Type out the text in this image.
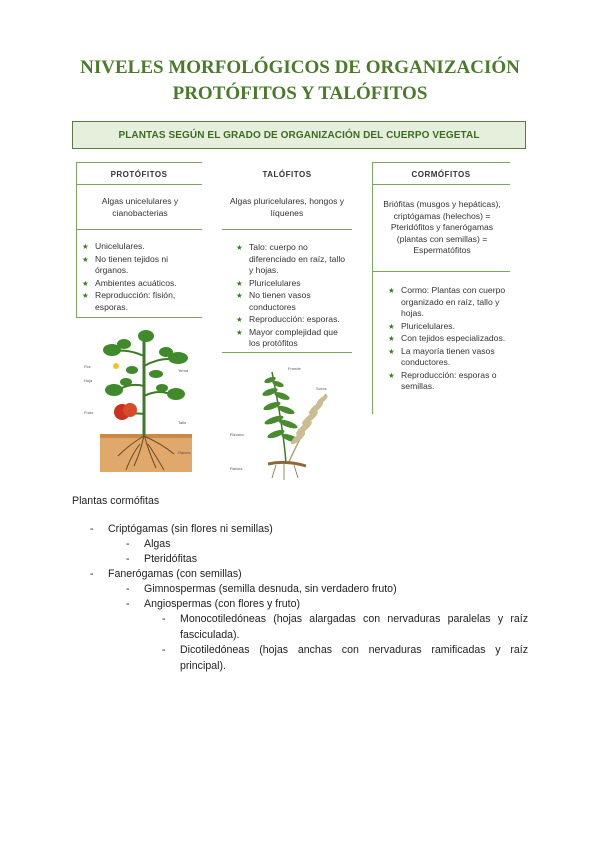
NIVELES MORFOLÓGICOS DE ORGANIZACIÓN
PROTÓFITOS Y TALÓFITOS
PLANTAS SEGÚN EL GRADO DE ORGANIZACIÓN DEL CUERPO VEGETAL
PROTÓFITOS
Algas unicelulares y cianobacterias
★ Unicelulares.
★ No tienen tejidos ni órganos.
★ Ambientes acuáticos.
★ Reproducción: fisión, esporas.
TALÓFITOS
Algas pluricelulares, hongos y líquenes
★ Talo: cuerpo no diferenciado en raíz, tallo y hojas.
★ Pluricelulares
★ No tienen vasos conductores
★ Reproducción: esporas.
★ Mayor complejidad que los protófitos
CORMÓFITOS
Briófitas (musgos y hepáticas), criptógamas (helechos) = Pteridófitos y fanerógamas (plantas con semillas) = Espermatófitos
★ Cormo: Plantas con cuerpo organizado en raíz, tallo y hojas.
★ Pluricelulares.
★ Con tejidos especializados.
★ La mayoría tienen vasos conductores.
★ Reproducción: esporas o semillas.
Flor
Hoja
Fruto
Yema
Tallo
Raíces
Fronde
Soros
Rizoma
Raíces
Plantas cormófitas
- Criptógamas (sin flores ni semillas)
- Algas
- Pteridófitas
- Fanerógamas (con semillas)
- Gimnospermas (semilla desnuda, sin verdadero fruto)
- Angiospermas (con flores y fruto)
- Monocotiledóneas (hojas alargadas con nervaduras paralelas y raíz fasciculada).
- Dicotiledóneas (hojas anchas con nervaduras ramificadas y raíz principal).
